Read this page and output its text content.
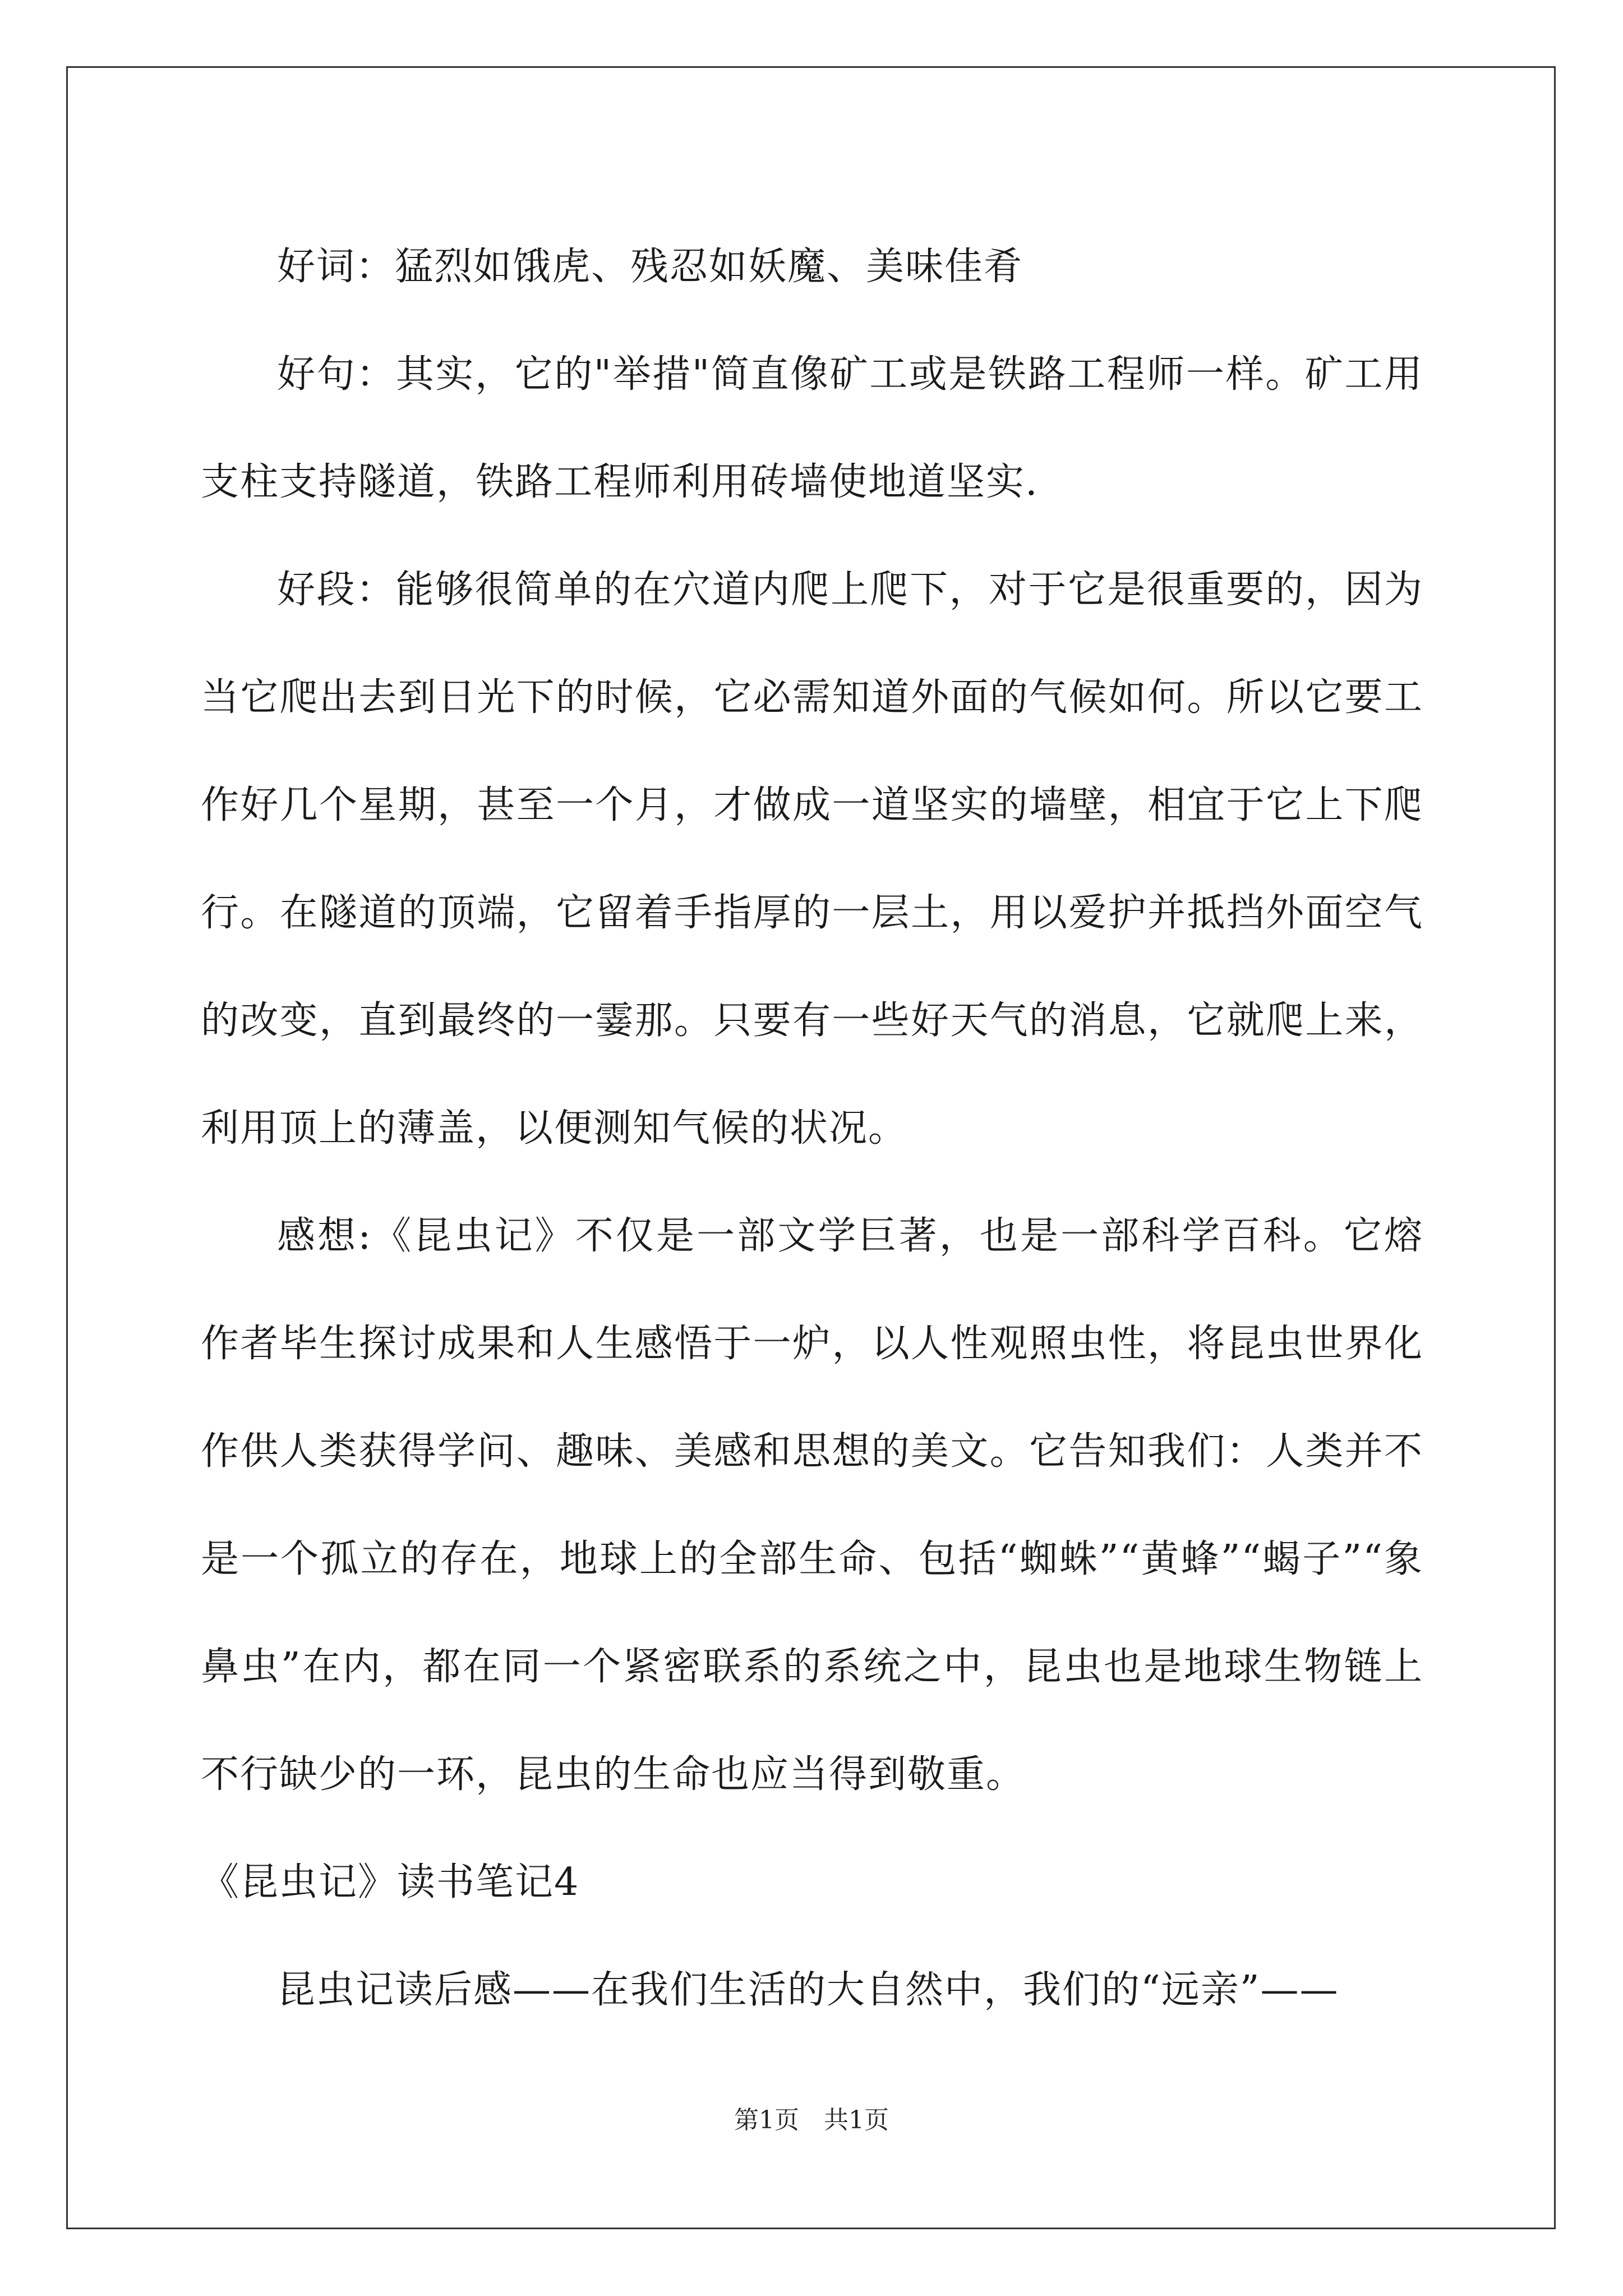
好词：猛烈如饿虎、残忍如妖魔、美味佳肴

好句：其实，它的"举措"简直像矿工或是铁路工程师一样。矿工用支柱支持隧道，铁路工程师利用砖墙使地道坚实.

好段：能够很简单的在穴道内爬上爬下，对于它是很重要的，因为当它爬出去到日光下的时候，它必需知道外面的气候如何。所以它要工作好几个星期，甚至一个月，才做成一道坚实的墙壁，相宜于它上下爬行。在隧道的顶端，它留着手指厚的一层土，用以爱护并抵挡外面空气的改变，直到最终的一霎那。只要有一些好天气的消息，它就爬上来，利用顶上的薄盖，以便测知气候的状况。

感想:《昆虫记》不仅是一部文学巨著，也是一部科学百科。它熔作者毕生探讨成果和人生感悟于一炉，以人性观照虫性，将昆虫世界化作供人类获得学问、趣味、美感和思想的美文。它告知我们：人类并不是一个孤立的存在，地球上的全部生命、包括“蜘蛛”“黄蜂”“蝎子”“象鼻虫”在内，都在同一个紧密联系的系统之中，昆虫也是地球生物链上不行缺少的一环，昆虫的生命也应当得到敬重。

《昆虫记》读书笔记4

昆虫记读后感——在我们生活的大自然中，我们的“远亲”——

第1页　共1页
